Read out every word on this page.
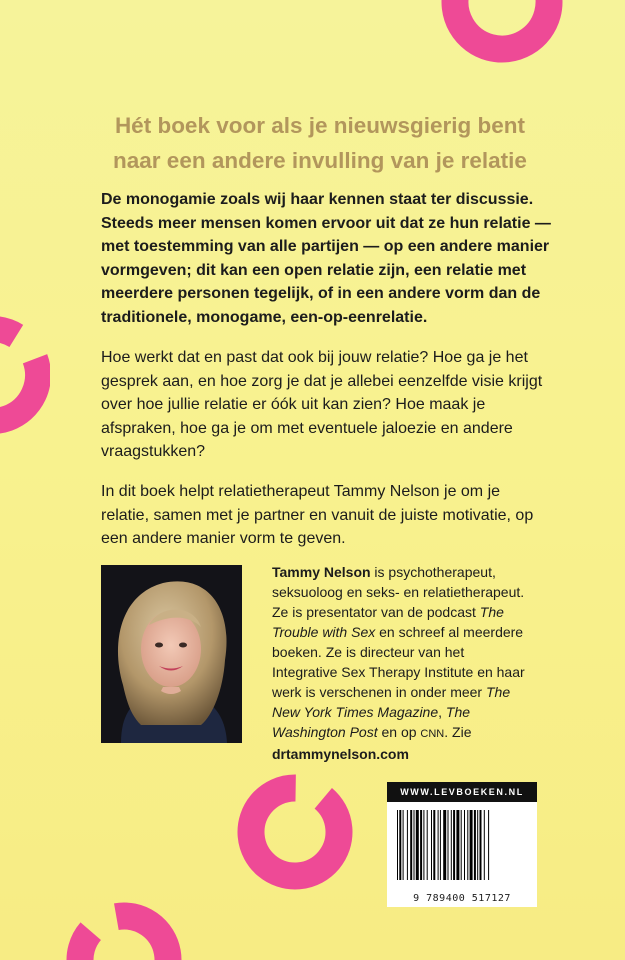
Hét boek voor als je nieuwsgierig bent
naar een andere invulling van je relatie

De monogamie zoals wij haar kennen staat ter discussie. Steeds meer mensen komen ervoor uit dat ze hun relatie — met toestemming van alle partijen — op een andere manier vormgeven; dit kan een open relatie zijn, een relatie met meerdere personen tegelijk, of in een andere vorm dan de traditionele, monogame, een-op-eenrelatie.

Hoe werkt dat en past dat ook bij jouw relatie? Hoe ga je het gesprek aan, en hoe zorg je dat je allebei eenzelfde visie krijgt over hoe jullie relatie er óók uit kan zien? Hoe maak je afspraken, hoe ga je om met eventuele jaloezie en andere vraagstukken?

In dit boek helpt relatietherapeut Tammy Nelson je om je relatie, samen met je partner en vanuit de juiste motivatie, op een andere manier vorm te geven.

Tammy Nelson is psychotherapeut, seksuoloog en seks- en relatietherapeut. Ze is presentator van de podcast The Trouble with Sex en schreef al meerdere boeken. Ze is directeur van het Integrative Sex Therapy Institute en haar werk is verschenen in onder meer The New York Times Magazine, The Washington Post en op CNN. Zie drtammynelson.com

WWW.LEVBOEKEN.NL
9 789400 517127
